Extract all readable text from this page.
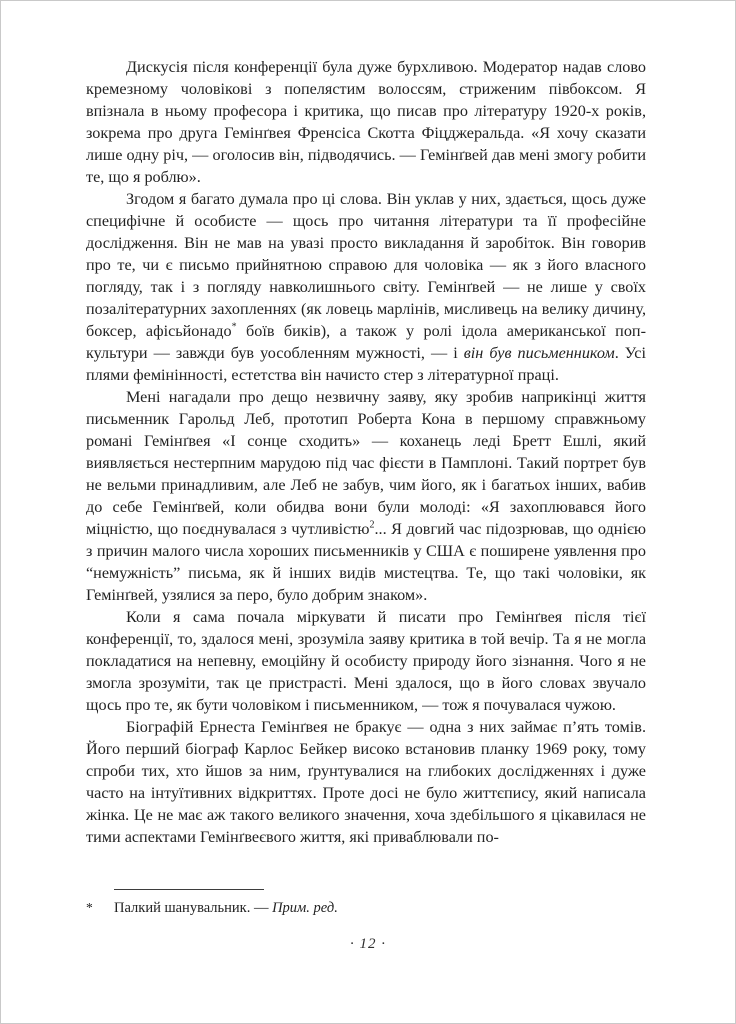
Дискусія після конференції була дуже бурхливою. Модератор надав слово кремезному чоловікові з попелястим волоссям, стриженим півбоксом. Я впізнала в ньому професора і критика, що писав про літературу 1920-х років, зокрема про друга Гемінґвея Френсіса Скотта Фіцджеральда. «Я хочу сказати лише одну річ, — оголосив він, підводячись. — Гемінґвей дав мені змогу робити те, що я роблю».

Згодом я багато думала про ці слова. Він уклав у них, здається, щось дуже специфічне й особисте — щось про читання літератури та її професійне дослідження. Він не мав на увазі просто викладання й заробіток. Він говорив про те, чи є письмо прийнятною справою для чоловіка — як з його власного погляду, так і з погляду навколишнього світу. Гемінґвей — не лише у своїх позалітературних захопленнях (як ловець марлінів, мисливець на велику дичину, боксер, афісьйонадо* боїв биків), а також у ролі ідола американської поп-культури — завжди був уособленням мужності, — і він був письменником. Усі плями фемінінності, естетства він начисто стер з літературної праці.

Мені нагадали про дещо незвичну заяву, яку зробив наприкінці життя письменник Гарольд Леб, прототип Роберта Кона в першому справжньому романі Гемінґвея «І сонце сходить» — коханець леді Бретт Ешлі, який виявляється нестерпним марудою під час фієсти в Памплоні. Такий портрет був не вельми принадливим, але Леб не забув, чим його, як і багатьох інших, вабив до себе Гемінґвей, коли обидва вони були молоді: «Я захоплювався його міцністю, що поєднувалася з чутливістю$^2$... Я довгий час підозрював, що однією з причин малого числа хороших письменників у США є поширене уявлення про “немужність” письма, як й інших видів мистецтва. Те, що такі чоловіки, як Гемінґвей, узялися за перо, було добрим знаком».

Коли я сама почала міркувати й писати про Гемінґвея після тієї конференції, то, здалося мені, зрозуміла заяву критика в той вечір. Та я не могла покладатися на непевну, емоційну й особисту природу його зізнання. Чого я не змогла зрозуміти, так це пристрасті. Мені здалося, що в його словах звучало щось про те, як бути чоловіком і письменником, — тож я почувалася чужою.

Біографій Ернеста Гемінґвея не бракує — одна з них займає п’ять томів. Його перший біограф Карлос Бейкер високо встановив планку 1969 року, тому спроби тих, хто йшов за ним, ґрунтувалися на глибоких дослідженнях і дуже часто на інтуїтивних відкриттях. Проте досі не було життєпису, який написала жінка. Це не має аж такого великого значення, хоча здебільшого я цікавилася не тими аспектами Гемінґвеєвого життя, які приваблювали по-

*	Палкий шанувальник. — Прим. ред.
· 12 ·
